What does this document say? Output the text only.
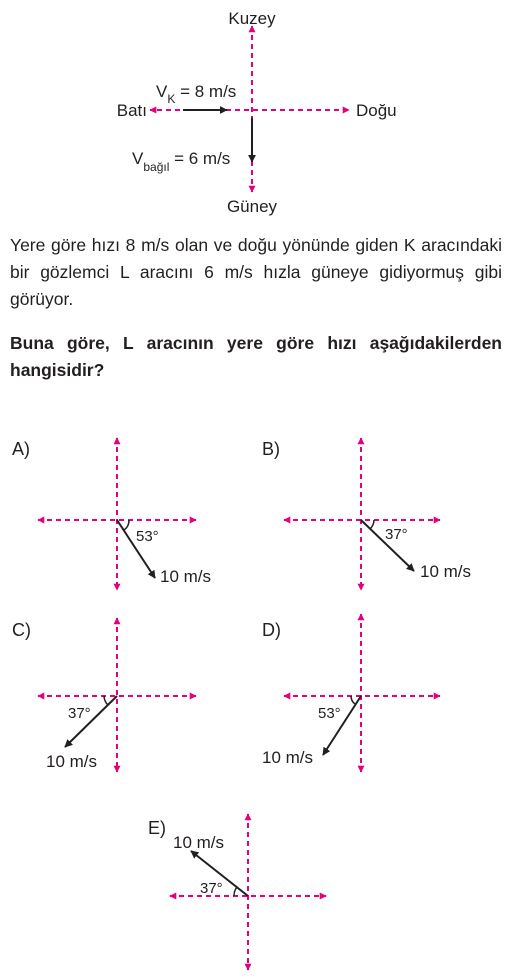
Kuzey
Güney
Batı	Doğu
$V_K = 8$ m/s
$V_{bağıl} = 6$ m/s
A)
53°
10 m/s
B)
37°
10 m/s
C)
37°
10 m/s
D)
53°
10 m/s
E)
37°
10 m/s

Yere göre hızı 8 m/s olan ve doğu yönünde giden K aracındaki bir gözlemci L aracını 6 m/s hızla güneye gidiyormuş gibi görüyor.

Buna göre, L aracının yere göre hızı aşağıdakilerden hangisidir?
